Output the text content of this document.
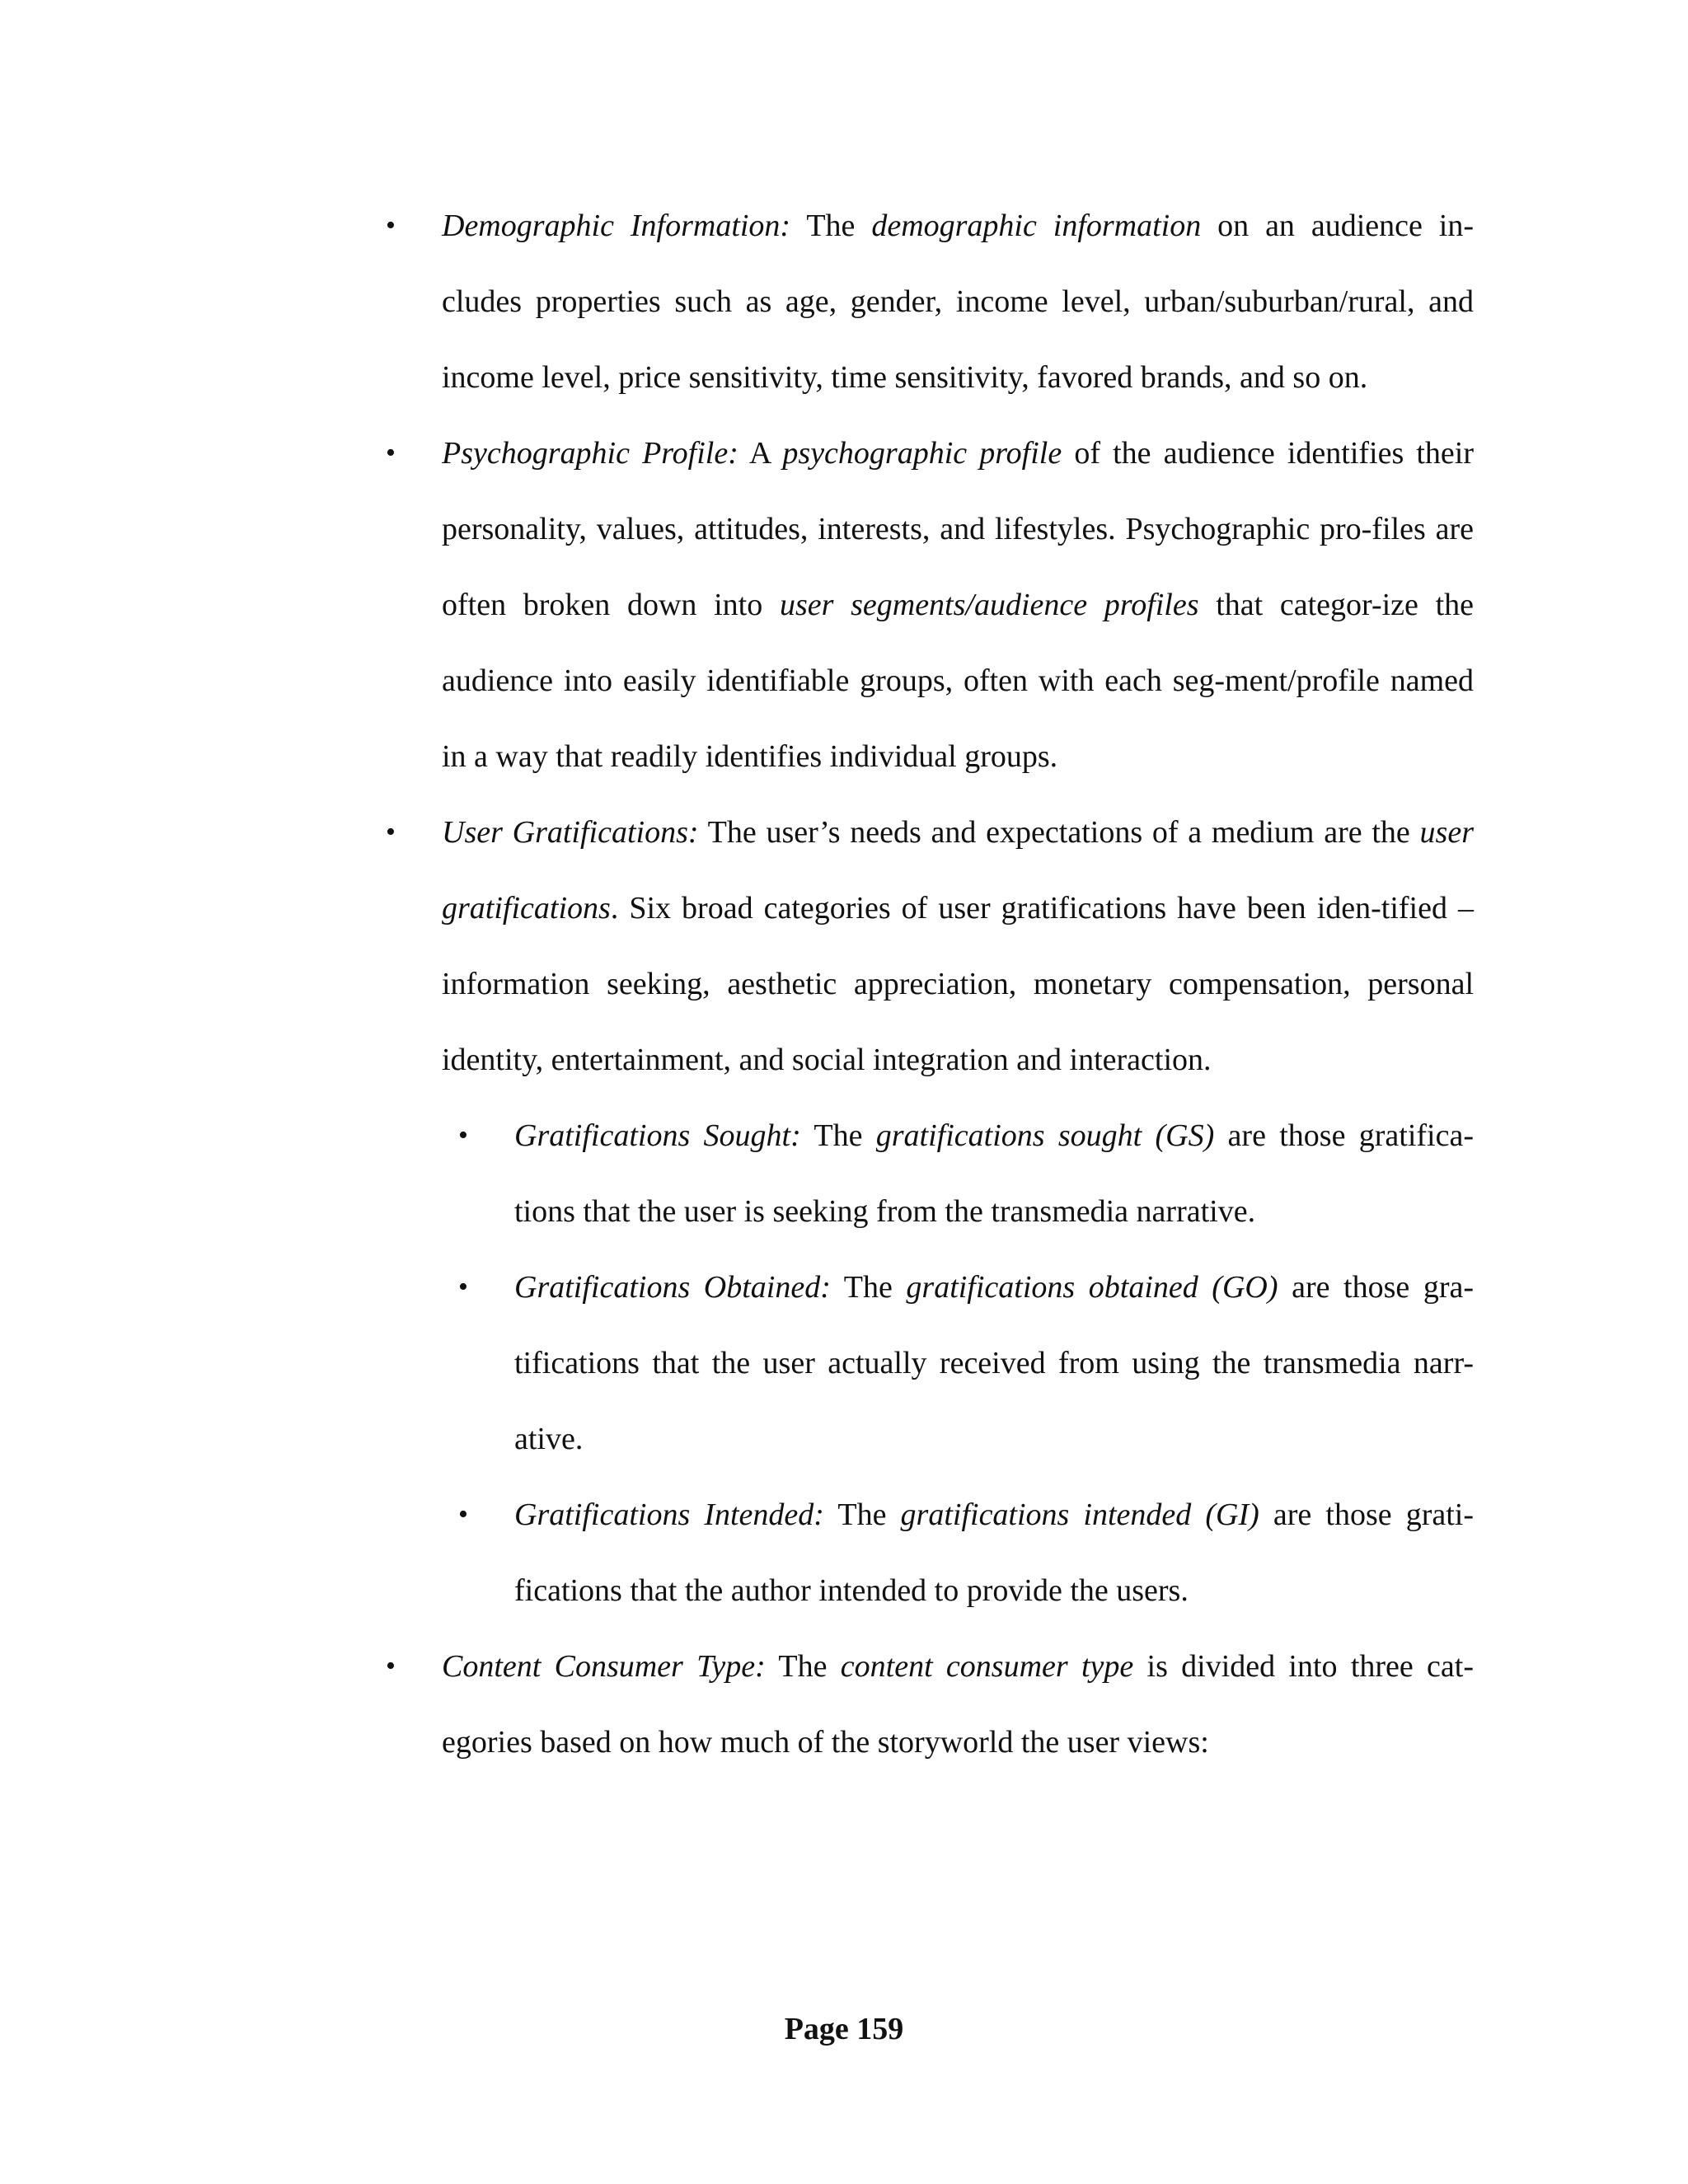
•	Demographic Information: The demographic information on an audience in-cludes properties such as age, gender, income level, urban/suburban/rural, and income level, price sensitivity, time sensitivity, favored brands, and so on.

•	Psychographic Profile: A psychographic profile of the audience identifies their personality, values, attitudes, interests, and lifestyles. Psychographic pro-files are often broken down into user segments/audience profiles that categor-ize the audience into easily identifiable groups, often with each seg-ment/profile named in a way that readily identifies individual groups.

•	User Gratifications: The user’s needs and expectations of a medium are the user gratifications. Six broad categories of user gratifications have been iden-tified – information seeking, aesthetic appreciation, monetary compensation, personal identity, entertainment, and social integration and interaction.

•	Gratifications Sought: The gratifications sought (GS) are those gratifica-tions that the user is seeking from the transmedia narrative.

•	Gratifications Obtained: The gratifications obtained (GO) are those gra-tifications that the user actually received from using the transmedia narr-ative.

•	Gratifications Intended: The gratifications intended (GI) are those grati-fications that the author intended to provide the users.

•	Content Consumer Type: The content consumer type is divided into three cat-egories based on how much of the storyworld the user views:

Page 159
